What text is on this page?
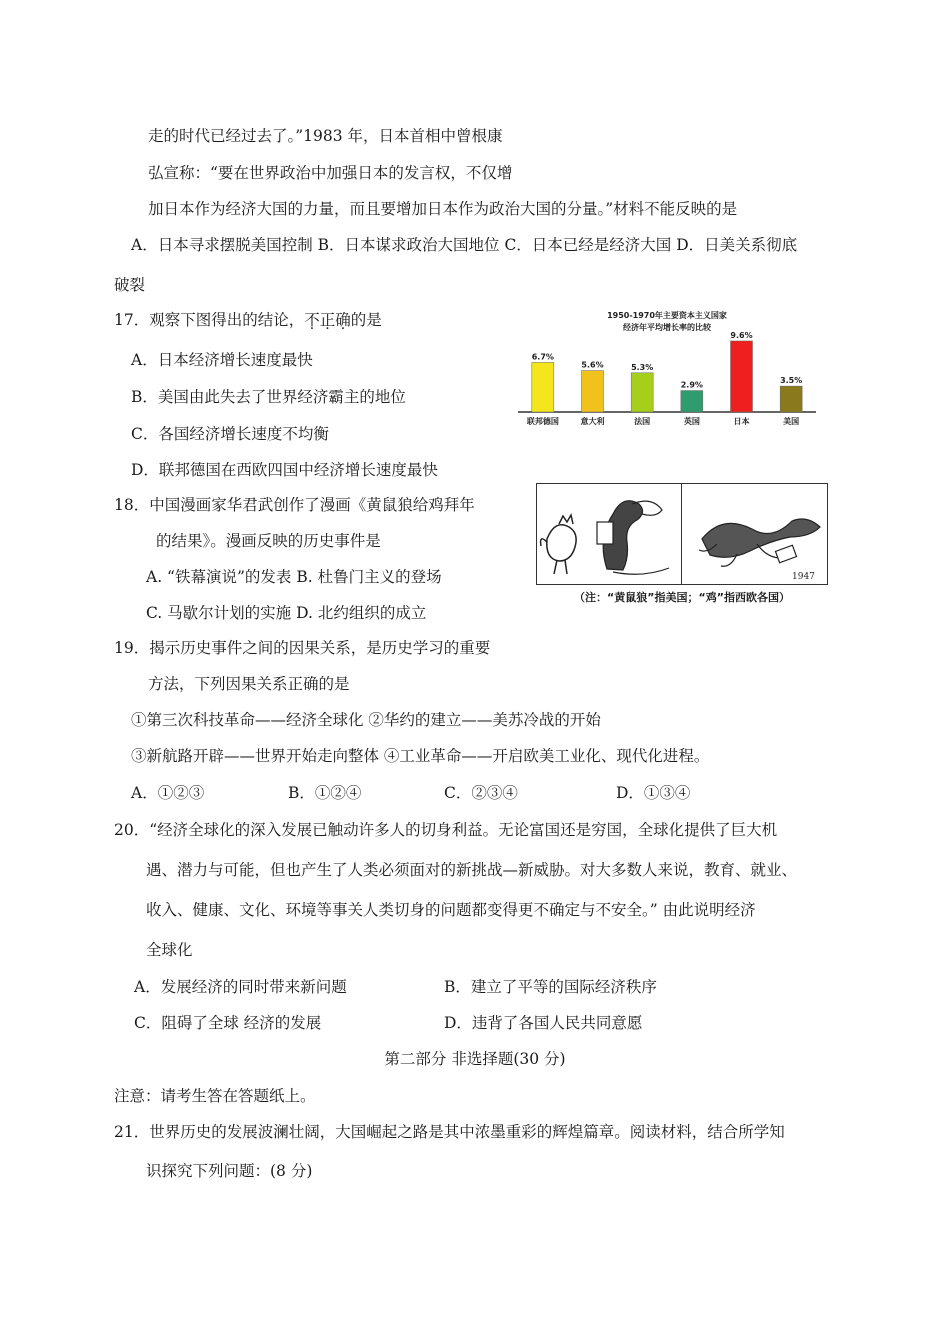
走的时代已经过去了。”1983 年，日本首相中曾根康
弘宣称：“要在世界政治中加强日本的发言权，不仅增
加日本作为经济大国的力量，而且要增加日本作为政治大国的分量。”材料不能反映的是
A．日本寻求摆脱美国控制 B．日本谋求政治大国地位 C．日本已经是经济大国 D．日美关系彻底
破裂
17．观察下图得出的结论，不正确的是
A．日本经济增长速度最快
B．美国由此失去了世界经济霸主的地位
C．各国经济增长速度不均衡
D．联邦德国在西欧四国中经济增长速度最快
1950-1970年主要资本主义国家
经济年平均增长率的比较
6.7%
联邦德国
5.6%
意大利
5.3%
法国
2.9%
英国
9.6%
日本
3.5%
美国
18．中国漫画家华君武创作了漫画《黄鼠狼给鸡拜年
的结果》。漫画反映的历史事件是
A. “铁幕演说”的发表 B. 杜鲁门主义的登场
C. 马歇尔计划的实施 D. 北约组织的成立
1947
（注：“黄鼠狼”指美国；“鸡”指西欧各国）
19．揭示历史事件之间的因果关系，是历史学习的重要
方法，下列因果关系正确的是
①第三次科技革命——经济全球化 ②华约的建立——美苏冷战的开始
③新航路开辟——世界开始走向整体 ④工业革命——开启欧美工业化、现代化进程。
A．①②③	B．①②④	C．②③④	D．①③④
20．“经济全球化的深入发展已触动许多人的切身利益。无论富国还是穷国，全球化提供了巨大机
遇、潜力与可能，但也产生了人类必须面对的新挑战—新威胁。对大多数人来说，教育、就业、
收入、健康、文化、环境等事关人类切身的问题都变得更不确定与不安全。” 由此说明经济
全球化
A．发展经济的同时带来新问题	B．建立了平等的国际经济秩序
C．阻碍了全球 经济的发展	D．违背了各国人民共同意愿
第二部分 非选择题(30 分)
注意：请考生答在答题纸上。
21．世界历史的发展波澜壮阔，大国崛起之路是其中浓墨重彩的辉煌篇章。阅读材料，结合所学知
识探究下列问题：(8 分)
